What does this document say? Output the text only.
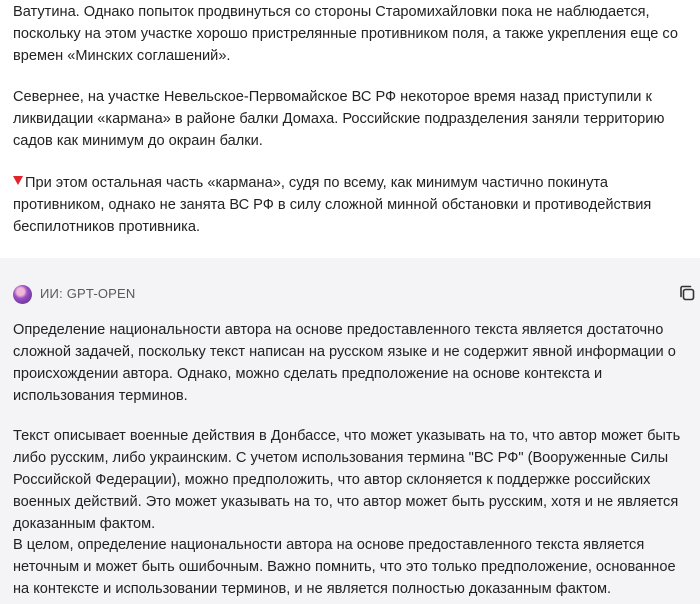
Ватутина. Однако попыток продвинуться со стороны Старомихайловки пока не наблюдается, поскольку на этом участке хорошо пристрелянные противником поля, а также укрепления еще со времен «Минских соглашений».

Севернее, на участке Невельское-Первомайское ВС РФ некоторое время назад приступили к ликвидации «кармана» в районе балки Домаха. Российские подразделения заняли территорию садов как минимум до окраин балки.

При этом остальная часть «кармана», судя по всему, как минимум частично покинута противником, однако не занята ВС РФ в силу сложной минной обстановки и противодействия беспилотников противника.

ИИ: GPT-OPEN

Определение национальности автора на основе предоставленного текста является достаточно сложной задачей, поскольку текст написан на русском языке и не содержит явной информации о происхождении автора. Однако, можно сделать предположение на основе контекста и использования терминов.

Текст описывает военные действия в Донбассе, что может указывать на то, что автор может быть либо русским, либо украинским. С учетом использования термина "ВС РФ" (Вооруженные Силы Российской Федерации), можно предположить, что автор склоняется к поддержке российских военных действий. Это может указывать на то, что автор может быть русским, хотя и не является доказанным фактом.

В целом, определение национальности автора на основе предоставленного текста является неточным и может быть ошибочным. Важно помнить, что это только предположение, основанное на контексте и использовании терминов, и не является полностью доказанным фактом.
